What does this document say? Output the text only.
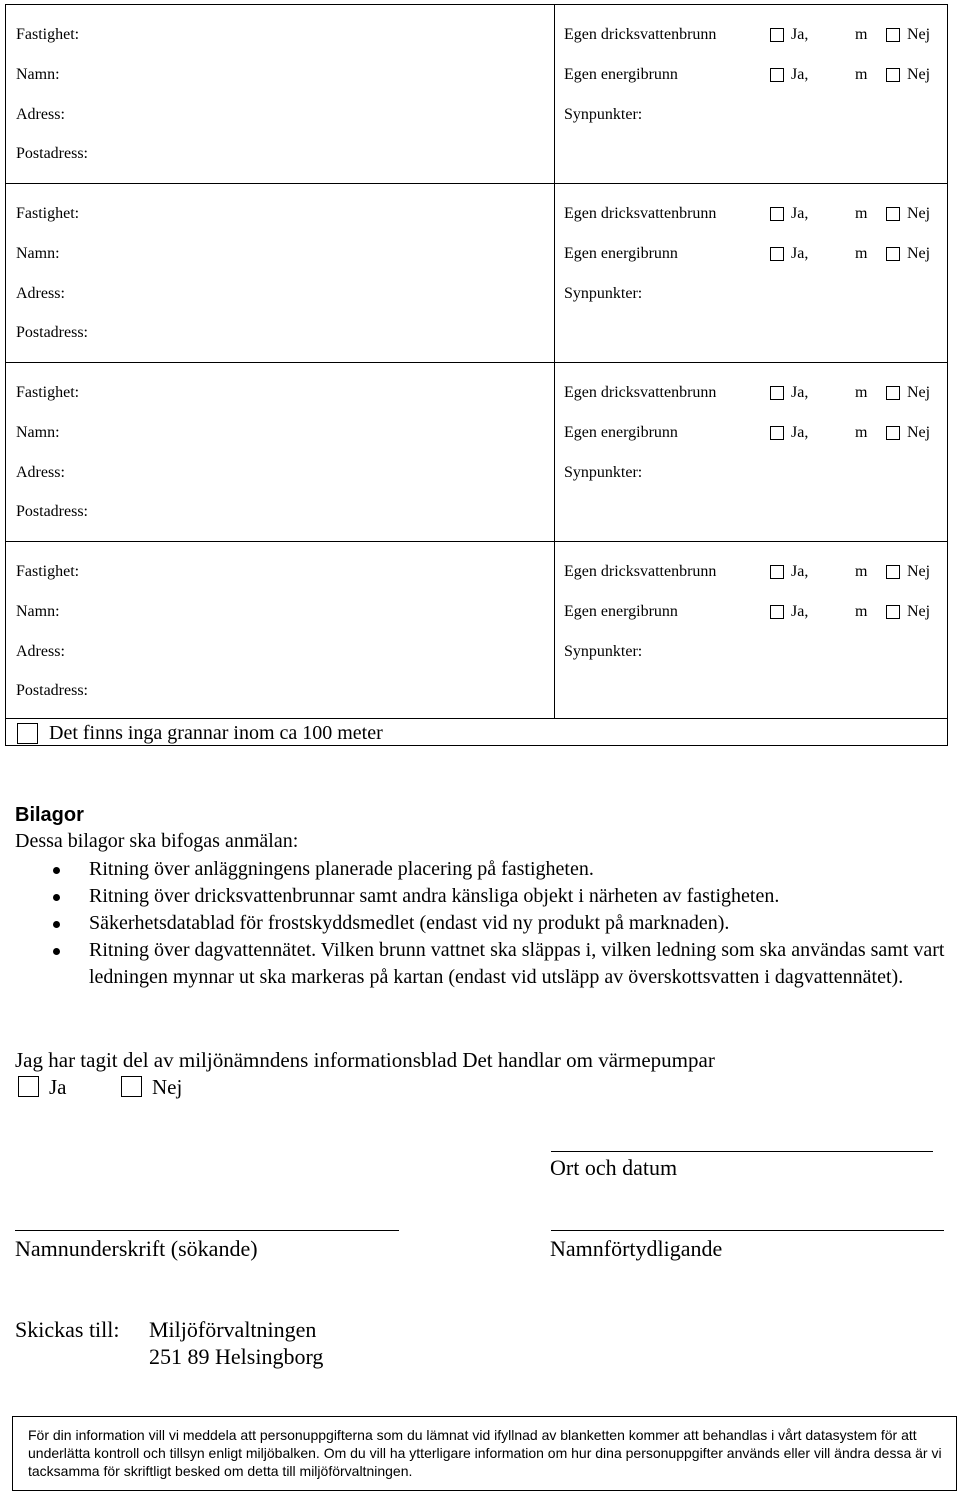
Fastighet:
Namn:
Adress:
Postadress:
Egen dricksvattenbrunn	Ja,	m Nej
Egen energibrunn	Ja,	m Nej
Synpunkter:
Fastighet:
Namn:
Adress:
Postadress:
Egen dricksvattenbrunn	Ja,	m Nej
Egen energibrunn	Ja,	m Nej
Synpunkter:
Fastighet:
Namn:
Adress:
Postadress:
Egen dricksvattenbrunn	Ja,	m Nej
Egen energibrunn	Ja,	m Nej
Synpunkter:
Fastighet:
Namn:
Adress:
Postadress:
Egen dricksvattenbrunn	Ja,	m Nej
Egen energibrunn	Ja,	m Nej
Synpunkter:
Det finns inga grannar inom ca 100 meter
Bilagor
Dessa bilagor ska bifogas anmälan:
Ritning över anläggningens planerade placering på fastigheten.
Ritning över dricksvattenbrunnar samt andra känsliga objekt i närheten av fastigheten.
Säkerhetsdatablad för frostskyddsmedlet (endast vid ny produkt på marknaden).
Ritning över dagvattennätet. Vilken brunn vattnet ska släppas i, vilken ledning som ska användas samt vart ledningen mynnar ut ska markeras på kartan (endast vid utsläpp av överskottsvatten i dagvattennätet).
Jag har tagit del av miljönämndens informationsblad Det handlar om värmepumpar
Ja	Nej
Ort och datum
Namnunderskrift (sökande)	Namnförtydligande
Skickas till: Miljöförvaltningen
251 89 Helsingborg
För din information vill vi meddela att personuppgifterna som du lämnat vid ifyllnad av blanketten kommer att behandlas i vårt datasystem för att underlätta kontroll och tillsyn enligt miljöbalken. Om du vill ha ytterligare information om hur dina personuppgifter används eller vill ändra dessa är vi tacksamma för skriftligt besked om detta till miljöförvaltningen.
